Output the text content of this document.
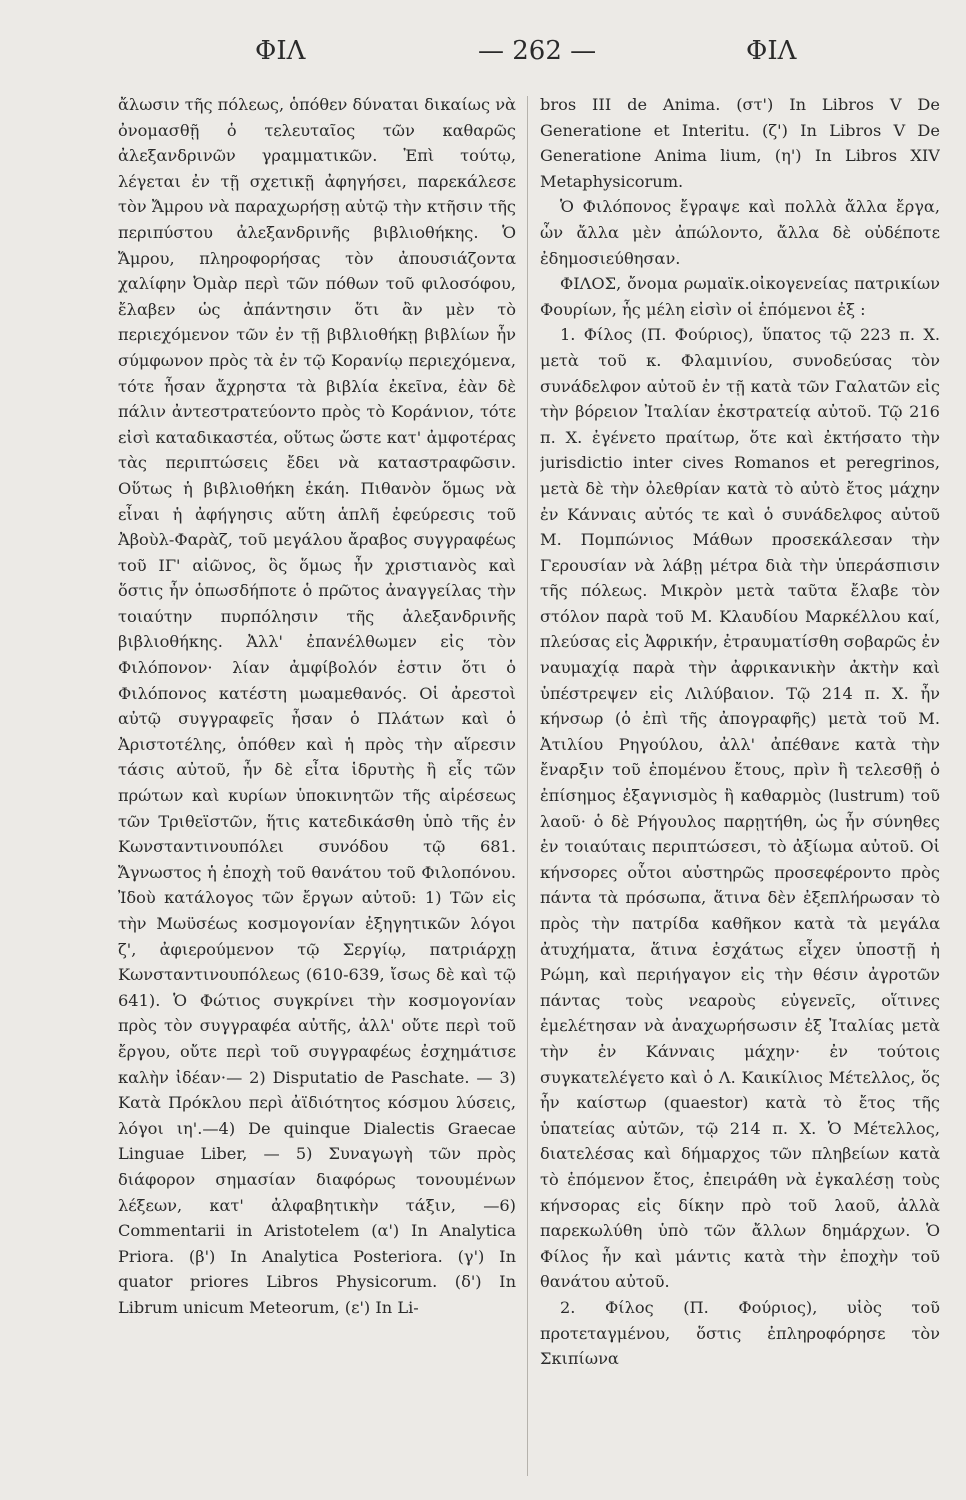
ΦΙΛ	— 262 —	ΦΙΛ

ἄλωσιν τῆς πόλεως, ὁπόθεν δύναται δικαίως νὰ ὀνομασθῇ ὁ τελευταῖος τῶν καθαρῶς ἀλεξανδρινῶν γραμματικῶν. Ἐπὶ τούτῳ, λέγεται ἐν τῇ σχετικῇ ἀφηγήσει, παρεκάλεσε τὸν Ἄμρου νὰ παραχωρήσῃ αὐτῷ τὴν κτῆσιν τῆς περιπύστου ἀλεξανδρινῆς βιβλιοθήκης. Ὁ Ἄμρου, πληροφορήσας τὸν ἀπουσιάζοντα χαλίφην Ὀμὰρ περὶ τῶν πόθων τοῦ φιλοσόφου, ἔλαβεν ὡς ἀπάντησιν ὅτι ἂν μὲν τὸ περιεχόμενον τῶν ἐν τῇ βιβλιοθήκῃ βιβλίων ἦν σύμφωνον πρὸς τὰ ἐν τῷ Κορανίῳ περιεχόμενα, τότε ἦσαν ἄχρηστα τὰ βιβλία ἐκεῖνα, ἐὰν δὲ πάλιν ἀντεστρατεύοντο πρὸς τὸ Κοράνιον, τότε εἰσὶ καταδικαστέα, οὕτως ὥστε κατ' ἀμφοτέρας τὰς περιπτώσεις ἔδει νὰ καταστραφῶσιν. Οὕτως ἡ βιβλιοθήκη ἐκάη. Πιθανὸν ὅμως νὰ εἶναι ἡ ἀφήγησις αὕτη ἁπλῆ ἐφεύρεσις τοῦ Ἀβοὺλ-Φαρὰζ, τοῦ μεγάλου ἄραβος συγγραφέως τοῦ ΙΓ' αἰῶνος, ὃς ὅμως ἦν χριστιανὸς καὶ ὅστις ἦν ὁπωσδήποτε ὁ πρῶτος ἀναγγείλας τὴν τοιαύτην πυρπόλησιν τῆς ἀλεξανδρινῆς βιβλιοθήκης. Ἀλλ' ἐπανέλθωμεν εἰς τὸν Φιλόπονον· λίαν ἀμφίβολόν ἐστιν ὅτι ὁ Φιλόπονος κατέστη μωαμεθανός. Οἱ ἀρεστοὶ αὐτῷ συγγραφεῖς ἦσαν ὁ Πλάτων καὶ ὁ Ἀριστοτέλης, ὁπόθεν καὶ ἡ πρὸς τὴν αἵρεσιν τάσις αὐτοῦ, ἦν δὲ εἶτα ἱδρυτὴς ἢ εἷς τῶν πρώτων καὶ κυρίων ὑποκινητῶν τῆς αἱρέσεως τῶν Τριθεϊστῶν, ἥτις κατεδικάσθη ὑπὸ τῆς ἐν Κωνσταντινουπόλει συνόδου τῷ 681. Ἄγνωστος ἡ ἐποχὴ τοῦ θανάτου τοῦ Φιλοπόνου. Ἰδοὺ κατάλογος τῶν ἔργων αὐτοῦ: 1) Τῶν εἰς τὴν Μωϋσέως κοσμογονίαν ἐξηγητικῶν λόγοι ζ', ἀφιερούμενον τῷ Σεργίῳ, πατριάρχῃ Κωνσταντινουπόλεως (610-639, ἴσως δὲ καὶ τῷ 641). Ὁ Φώτιος συγκρίνει τὴν κοσμογονίαν πρὸς τὸν συγγραφέα αὐτῆς, ἀλλ' οὔτε περὶ τοῦ ἔργου, οὔτε περὶ τοῦ συγγραφέως ἐσχημάτισε καλὴν ἰδέαν·— 2) Disputatio de Paschate. — 3) Κατὰ Πρόκλου περὶ ἀϊδιότητος κόσμου λύσεις, λόγοι ιη'.—4) De quinque Dialectis Graecae Linguae Liber, — 5) Συναγωγὴ τῶν πρὸς διάφορον σημασίαν διαφόρως τονουμένων λέξεων, κατ' ἀλφαβητικὴν τάξιν, —6) Commentarii in Aristotelem (α') In Analytica Priora. (β') In Analytica Posteriora. (γ') In quator priores Libros Physicorum. (δ') In Librum unicum Meteorum, (ε') In Li-

bros III de Anima. (στ') In Libros V De Generatione et Interitu. (ζ') In Libros V De Generatione Anima lium, (η') In Libros XIV Metaphysicorum.

Ὁ Φιλόπονος ἔγραψε καὶ πολλὰ ἄλλα ἔργα, ὧν ἄλλα μὲν ἀπώλοντο, ἄλλα δὲ οὐδέποτε ἐδημοσιεύθησαν.

ΦΙΛΟΣ, ὄνομα ρωμαϊκ.οἰκογενείας πατρικίων Φουρίων, ἧς μέλη εἰσὶν οἱ ἑπόμενοι ἐξ :

1. Φίλος (Π. Φούριος), ὕπατος τῷ 223 π. Χ. μετὰ τοῦ κ. Φλαμινίου, συνοδεύσας τὸν συνάδελφον αὐτοῦ ἐν τῇ κατὰ τῶν Γαλατῶν εἰς τὴν βόρειον Ἰταλίαν ἐκστρατείᾳ αὐτοῦ. Τῷ 216 π. Χ. ἐγένετο πραίτωρ, ὅτε καὶ ἐκτήσατο τὴν jurisdictio inter cives Romanos et peregrinos, μετὰ δὲ τὴν ὀλεθρίαν κατὰ τὸ αὐτὸ ἔτος μάχην ἐν Κάνναις αὐτός τε καὶ ὁ συνάδελφος αὐτοῦ Μ. Πομπώνιος Μάθων προσεκάλεσαν τὴν Γερουσίαν νὰ λάβῃ μέτρα διὰ τὴν ὑπεράσπισιν τῆς πόλεως. Μικρὸν μετὰ ταῦτα ἔλαβε τὸν στόλον παρὰ τοῦ Μ. Κλαυδίου Μαρκέλλου καί, πλεύσας εἰς Ἀφρικήν, ἐτραυματίσθη σοβαρῶς ἐν ναυμαχίᾳ παρὰ τὴν ἀφρικανικὴν ἀκτὴν καὶ ὑπέστρεψεν εἰς Λιλύβαιον. Τῷ 214 π. Χ. ἦν κήνσωρ (ὁ ἐπὶ τῆς ἀπογραφῆς) μετὰ τοῦ Μ. Ἀτιλίου Ρηγούλου, ἀλλ' ἀπέθανε κατὰ τὴν ἔναρξιν τοῦ ἑπομένου ἔτους, πρὶν ἢ τελεσθῇ ὁ ἐπίσημος ἐξαγνισμὸς ἢ καθαρμὸς (lustrum) τοῦ λαοῦ· ὁ δὲ Ρήγουλος παρῃτήθη, ὡς ἦν σύνηθες ἐν τοιαύταις περιπτώσεσι, τὸ ἀξίωμα αὐτοῦ. Οἱ κήνσορες οὗτοι αὐστηρῶς προσεφέροντο πρὸς πάντα τὰ πρόσωπα, ἅτινα δὲν ἐξεπλήρωσαν τὸ πρὸς τὴν πατρίδα καθῆκον κατὰ τὰ μεγάλα ἀτυχήματα, ἅτινα ἐσχάτως εἶχεν ὑποστῇ ἡ Ρώμη, καὶ περιήγαγον εἰς τὴν θέσιν ἀγροτῶν πάντας τοὺς νεαροὺς εὐγενεῖς, οἵτινες ἐμελέτησαν νὰ ἀναχωρήσωσιν ἐξ Ἰταλίας μετὰ τὴν ἐν Κάνναις μάχην· ἐν τούτοις συγκατελέγετο καὶ ὁ Λ. Καικίλιος Μέτελλος, ὅς ἦν καίστωρ (quaestor) κατὰ τὸ ἔτος τῆς ὑπατείας αὐτῶν, τῷ 214 π. Χ. Ὁ Μέτελλος, διατελέσας καὶ δήμαρχος τῶν πληβείων κατὰ τὸ ἑπόμενον ἔτος, ἐπειράθη νὰ ἐγκαλέσῃ τοὺς κήνσορας εἰς δίκην πρὸ τοῦ λαοῦ, ἀλλὰ παρεκωλύθη ὑπὸ τῶν ἄλλων δημάρχων. Ὁ Φίλος ἦν καὶ μάντις κατὰ τὴν ἐποχὴν τοῦ θανάτου αὐτοῦ.

2. Φίλος (Π. Φούριος), υἱὸς τοῦ προτεταγμένου, ὅστις ἐπληροφόρησε τὸν Σκιπίωνα
